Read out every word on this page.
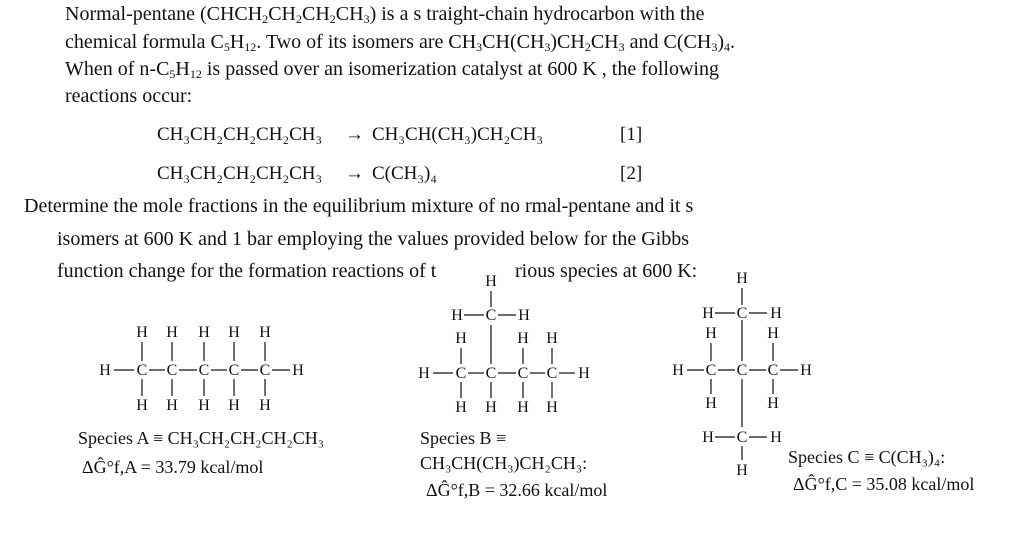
Normal-pentane $(CHCH_2CH_2CH_2CH_3)$ is a s traight-chain hydrocarbon with the
chemical formula $C_5H_{12}$. Two of its isomers are $CH_3CH(CH_3)CH_2CH_3$ and $C(CH_3)_4$.
When of $n-C_5H_{12}$ is passed over an isomerization catalyst at 600 K , the following
reactions occur:
CH₃CH₂CH₂CH₂CH₃ → CH₃CH(CH₃)CH₂CH₃	[1]
CH₃CH₂CH₂CH₂CH₃ → C(CH₃)₄	[2]
Determine the mole fractions in the equilibrium mixture of no rmal-pentane and it s
isomers at 600 K and 1 bar employing the values provided below for the Gibbs
function change for the formation reactions of t	rious species at 600 K:
H C
H
H
C
H
H
C
H
H
C
H
H
C
H
H
H	H C C C C H
H	H H
H H H H
C
H	H
H
H C C C H
H	H
H	H
C
H	H
H
C
H	H
H
Species A ≡ CH₃CH₂CH₂CH₂CH₃
ΔĜ°f,A = 33.79 kcal/mol
Species B ≡
CH₃CH(CH₃)CH₂CH₃:
ΔĜ°f,B = 32.66 kcal/mol
Species C ≡ C(CH₃)₄:
ΔĜ°f,C = 35.08 kcal/mol
